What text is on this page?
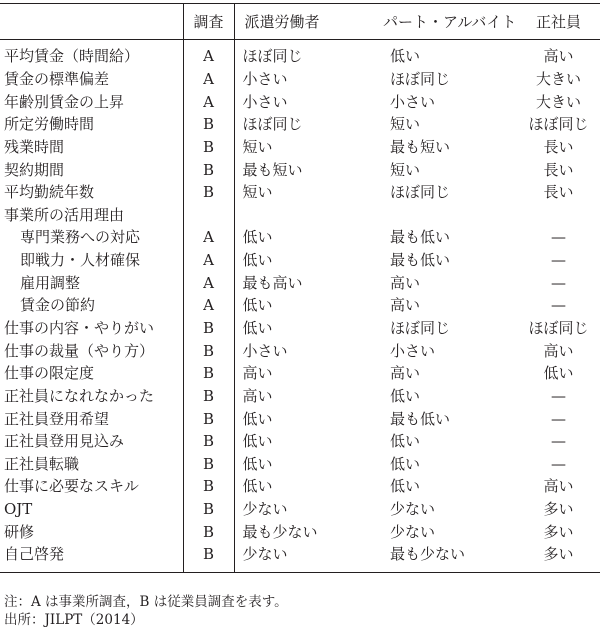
	調査	派遣労働者	パート・アルバイト	正社員
平均賃金（時間給）	A	ほぼ同じ	低い	高い
賃金の標準偏差	A	小さい	ほぼ同じ	大きい
年齢別賃金の上昇	A	小さい	小さい	大きい
所定労働時間	B	ほぼ同じ	短い	ほぼ同じ
残業時間	B	短い	最も短い	長い
契約期間	B	最も短い	短い	長い
平均勤続年数	B	短い	ほぼ同じ	長い
事業所の活用理由				
専門業務への対応	A	低い	最も低い	—
即戦力・人材確保	A	低い	最も低い	—
雇用調整	A	最も高い	高い	—
賃金の節約	A	低い	高い	—
仕事の内容・やりがい	B	低い	ほぼ同じ	ほぼ同じ
仕事の裁量（やり方）	B	小さい	小さい	高い
仕事の限定度	B	高い	高い	低い
正社員になれなかった	B	高い	低い	—
正社員登用希望	B	低い	最も低い	—
正社員登用見込み	B	低い	低い	—
正社員転職	B	低い	低い	—
仕事に必要なスキル	B	低い	低い	高い
OJT	B	少ない	少ない	多い
研修	B	最も少ない	少ない	多い
自己啓発	B	少ない	最も少ない	多い
注：A は事業所調査，B は従業員調査を表す。
出所：JILPT（2014）
